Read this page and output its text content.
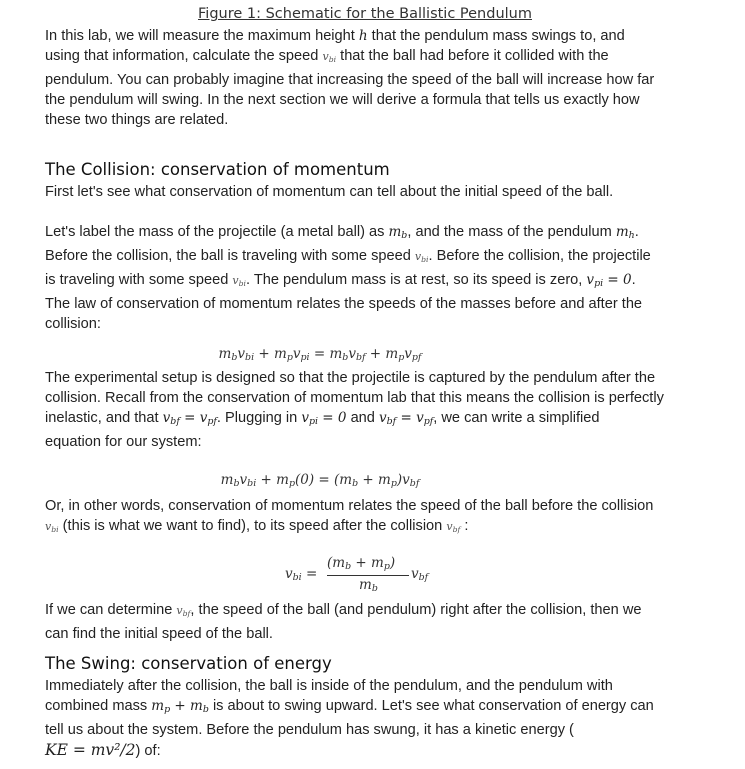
Figure 1: Schematic for the Ballistic Pendulum
In this lab, we will measure the maximum height h that the pendulum mass swings to, and
using that information, calculate the speed $v_{bi}$ that the ball had before it collided with the
pendulum. You can probably imagine that increasing the speed of the ball will increase how far
the pendulum will swing. In the next section we will derive a formula that tells us exactly how
these two things are related.
The Collision: conservation of momentum
First let's see what conservation of momentum can tell about the initial speed of the ball.
Let's label the mass of the projectile (a metal ball) as $m_b$, and the mass of the pendulum $m_h$.
Before the collision, the ball is traveling with some speed $v_{bi}$. Before the collision, the projectile
is traveling with some speed $v_{bi}$. The pendulum mass is at rest, so its speed is zero, $v_{pi} = 0$.
The law of conservation of momentum relates the speeds of the masses before and after the
collision:
$m_bv_{bi} + m_pv_{pi} = m_bv_{bf} + m_pv_{pf}$
The experimental setup is designed so that the projectile is captured by the pendulum after the
collision. Recall from the conservation of momentum lab that this means the collision is perfectly
inelastic, and that $v_{bf} = v_{pf}$. Plugging in $v_{pi} = 0$ and $v_{bf} = v_{pf}$, we can write a simplified
equation for our system:
$m_bv_{bi} + m_p(0) = (m_b + m_p)v_{bf}$
Or, in other words, conservation of momentum relates the speed of the ball before the collision
$v_{bi}$ (this is what we want to find), to its speed after the collision $v_{bf}$ :
$v_{bi}$ =
$(m_b + m_p)$
$m_b$
$v_{bf}$
If we can determine $v_{bf}$, the speed of the ball (and pendulum) right after the collision, then we
can find the initial speed of the ball.
The Swing: conservation of energy
Immediately after the collision, the ball is inside of the pendulum, and the pendulum with
combined mass $m_p + m_b$ is about to swing upward. Let's see what conservation of energy can
tell us about the system. Before the pendulum has swung, it has a kinetic energy (
KE = mv²/2) of:
